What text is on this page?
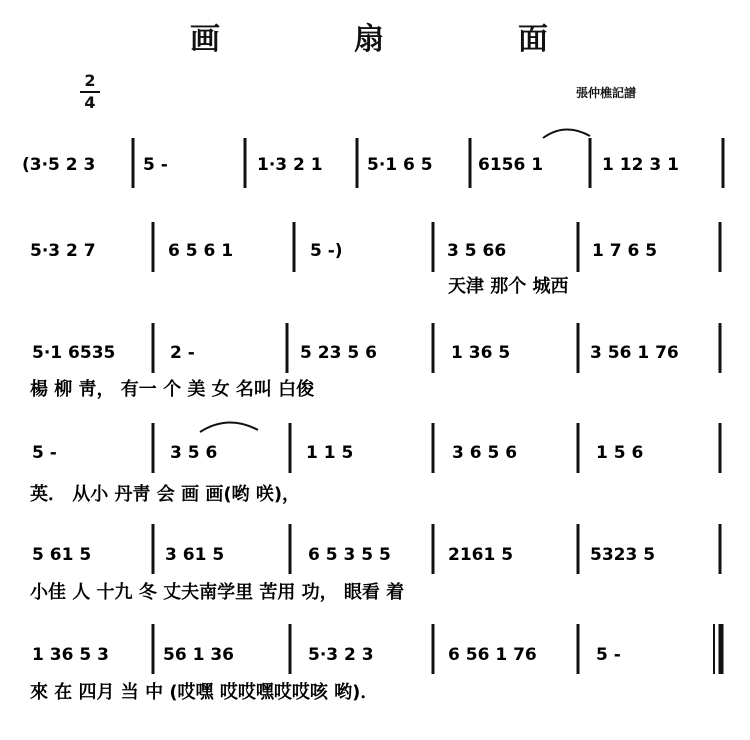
画　扇　面
張仲樵記譜
2
4
(3·5 2 3	5 -	1·3 2 1	5·1 6 5	6156 1	1 12 3 1
5·3 2 7	6 5 6 1	5 -)	3 5 66	1 7 6 5
天津 那个 城西
5·1 6535	2 -	5 23 5 6	1 36 5	3 56 1 76
楊 柳 靑， 有一 个 美 女 名叫 白俊
5 -	3 5 6	1 1 5	3 6 5 6	1 5 6
英． 从小 丹靑 会 画 画(哟 咲)，
5 61 5	3 61 5	6 5 3 5 5	2161 5	5323 5
小佳 人 十九 冬 丈夫南学里 苦用 功， 眼看 着
1 36 5 3	56 1 36	5·3 2 3	6 56 1 76	5 -
來 在 四月 当 中 (哎嘿 哎哎嘿哎哎咳 哟)．
